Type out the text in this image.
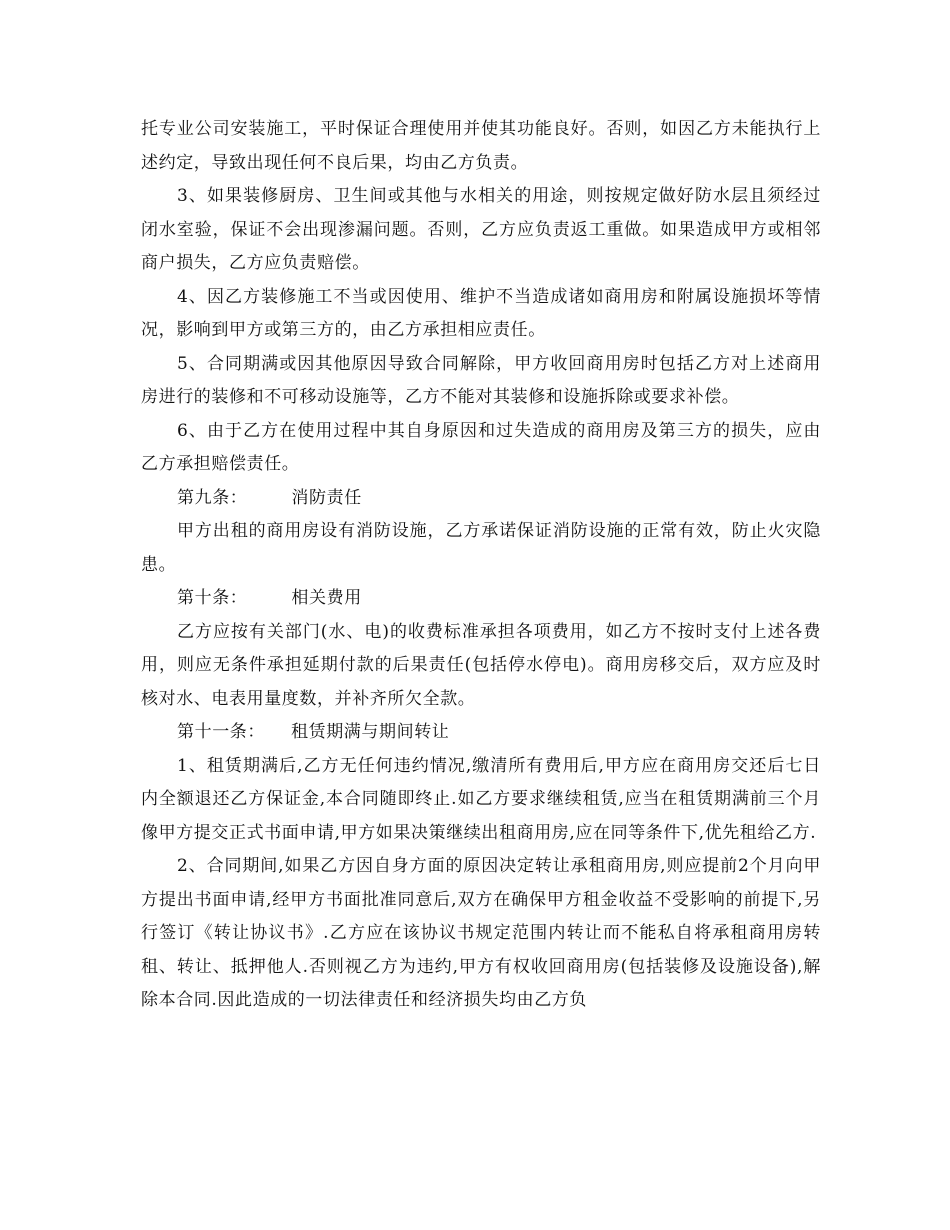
托专业公司安装施工，平时保证合理使用并使其功能良好。否则，如因乙方未能执行上述约定，导致出现任何不良后果，均由乙方负责。

3、如果装修厨房、卫生间或其他与水相关的用途，则按规定做好防水层且须经过闭水室验，保证不会出现渗漏问题。否则，乙方应负责返工重做。如果造成甲方或相邻商户损失，乙方应负责赔偿。

4、因乙方装修施工不当或因使用、维护不当造成诸如商用房和附属设施损坏等情况，影响到甲方或第三方的，由乙方承担相应责任。

5、合同期满或因其他原因导致合同解除，甲方收回商用房时包括乙方对上述商用房进行的装修和不可移动设施等，乙方不能对其装修和设施拆除或要求补偿。

6、由于乙方在使用过程中其自身原因和过失造成的商用房及第三方的损失，应由乙方承担赔偿责任。

第九条：	消防责任

甲方出租的商用房设有消防设施，乙方承诺保证消防设施的正常有效，防止火灾隐患。

第十条：	相关费用

乙方应按有关部门(水、电)的收费标准承担各项费用，如乙方不按时支付上述各费用，则应无条件承担延期付款的后果责任(包括停水停电)。商用房移交后，双方应及时核对水、电表用量度数，并补齐所欠全款。

第十一条： 租赁期满与期间转让

1、租赁期满后,乙方无任何违约情况,缴清所有费用后,甲方应在商用房交还后七日内全额退还乙方保证金,本合同随即终止.如乙方要求继续租赁,应当在租赁期满前三个月像甲方提交正式书面申请,甲方如果决策继续出租商用房,应在同等条件下,优先租给乙方.

2、合同期间,如果乙方因自身方面的原因决定转让承租商用房,则应提前2个月向甲方提出书面申请,经甲方书面批准同意后,双方在确保甲方租金收益不受影响的前提下,另行签订《转让协议书》.乙方应在该协议书规定范围内转让而不能私自将承租商用房转租、转让、抵押他人.否则视乙方为违约,甲方有权收回商用房(包括装修及设施设备),解除本合同.因此造成的一切法律责任和经济损失均由乙方负
